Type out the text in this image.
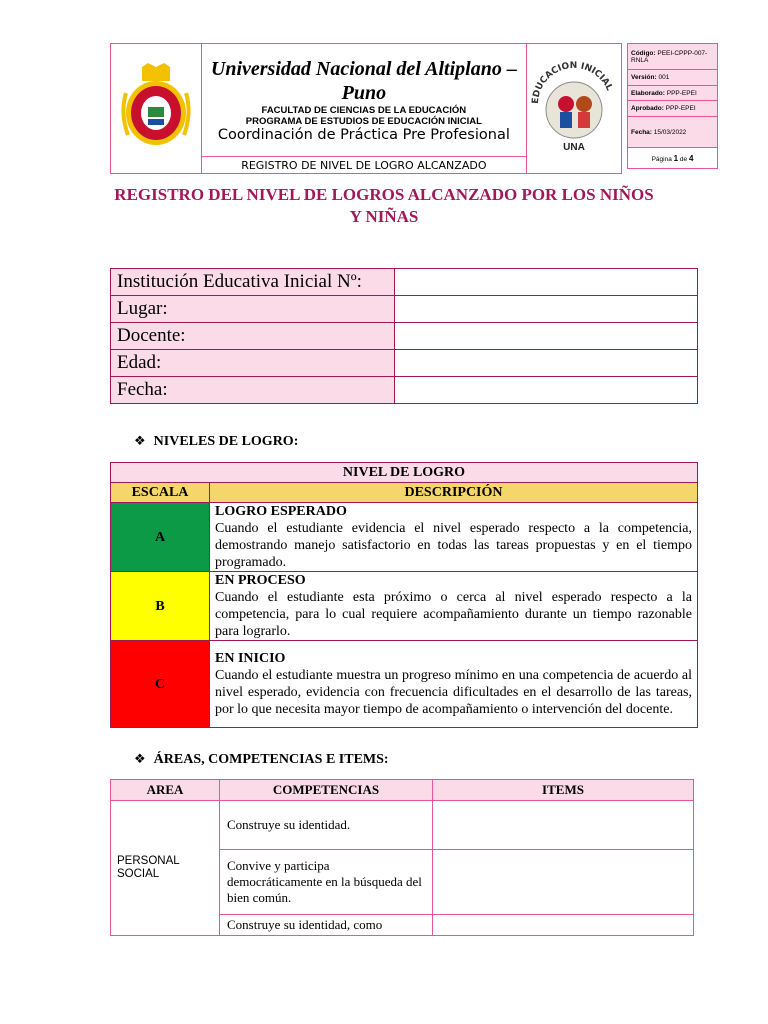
Universidad Nacional del Altiplano –
Puno
FACULTAD DE CIENCIAS DE LA EDUCACIÓN
PROGRAMA DE ESTUDIOS DE EDUCACIÓN INICIAL
Coordinación de Práctica Pre Profesional

EDUCACION INICIAL
UNA

REGISTRO DE NIVEL DE LOGRO ALCANZADO
Código: PEEI-CPPP-007-RNLA
Versión: 001
Elaborado: PPP-EPEI
Aprobado: PPP-EPEI
Fecha: 15/03/2022
Página 1 de 4
REGISTRO DEL NIVEL DE LOGROS ALCANZADO POR LOS NIÑOS Y NIÑAS
Institución Educativa Inicial Nº:	
Lugar:	
Docente:	
Edad:	
Fecha:	
❖ NIVELES DE LOGRO:
NIVEL DE LOGRO	
ESCALA	DESCRIPCIÓN
A	LOGRO ESPERADO
Cuando el estudiante evidencia el nivel esperado respecto a la competencia, demostrando manejo satisfactorio en todas las tareas propuestas y en el tiempo programado.

B	EN PROCESO
Cuando el estudiante esta próximo o cerca al nivel esperado respecto a la competencia, para lo cual requiere acompañamiento durante un tiempo razonable para lograrlo.

C	EN INICIO
Cuando el estudiante muestra un progreso mínimo en una competencia de acuerdo al nivel esperado, evidencia con frecuencia dificultades en el desarrollo de las tareas, por lo que necesita mayor tiempo de acompañamiento o intervención del docente.
❖ ÁREAS, COMPETENCIAS E ITEMS:
AREA	COMPETENCIAS	ITEMS
PERSONAL SOCIAL	Construye su identidad.	
	Convive y participa democráticamente en la búsqueda del bien común.	
	Construye su identidad, como	
